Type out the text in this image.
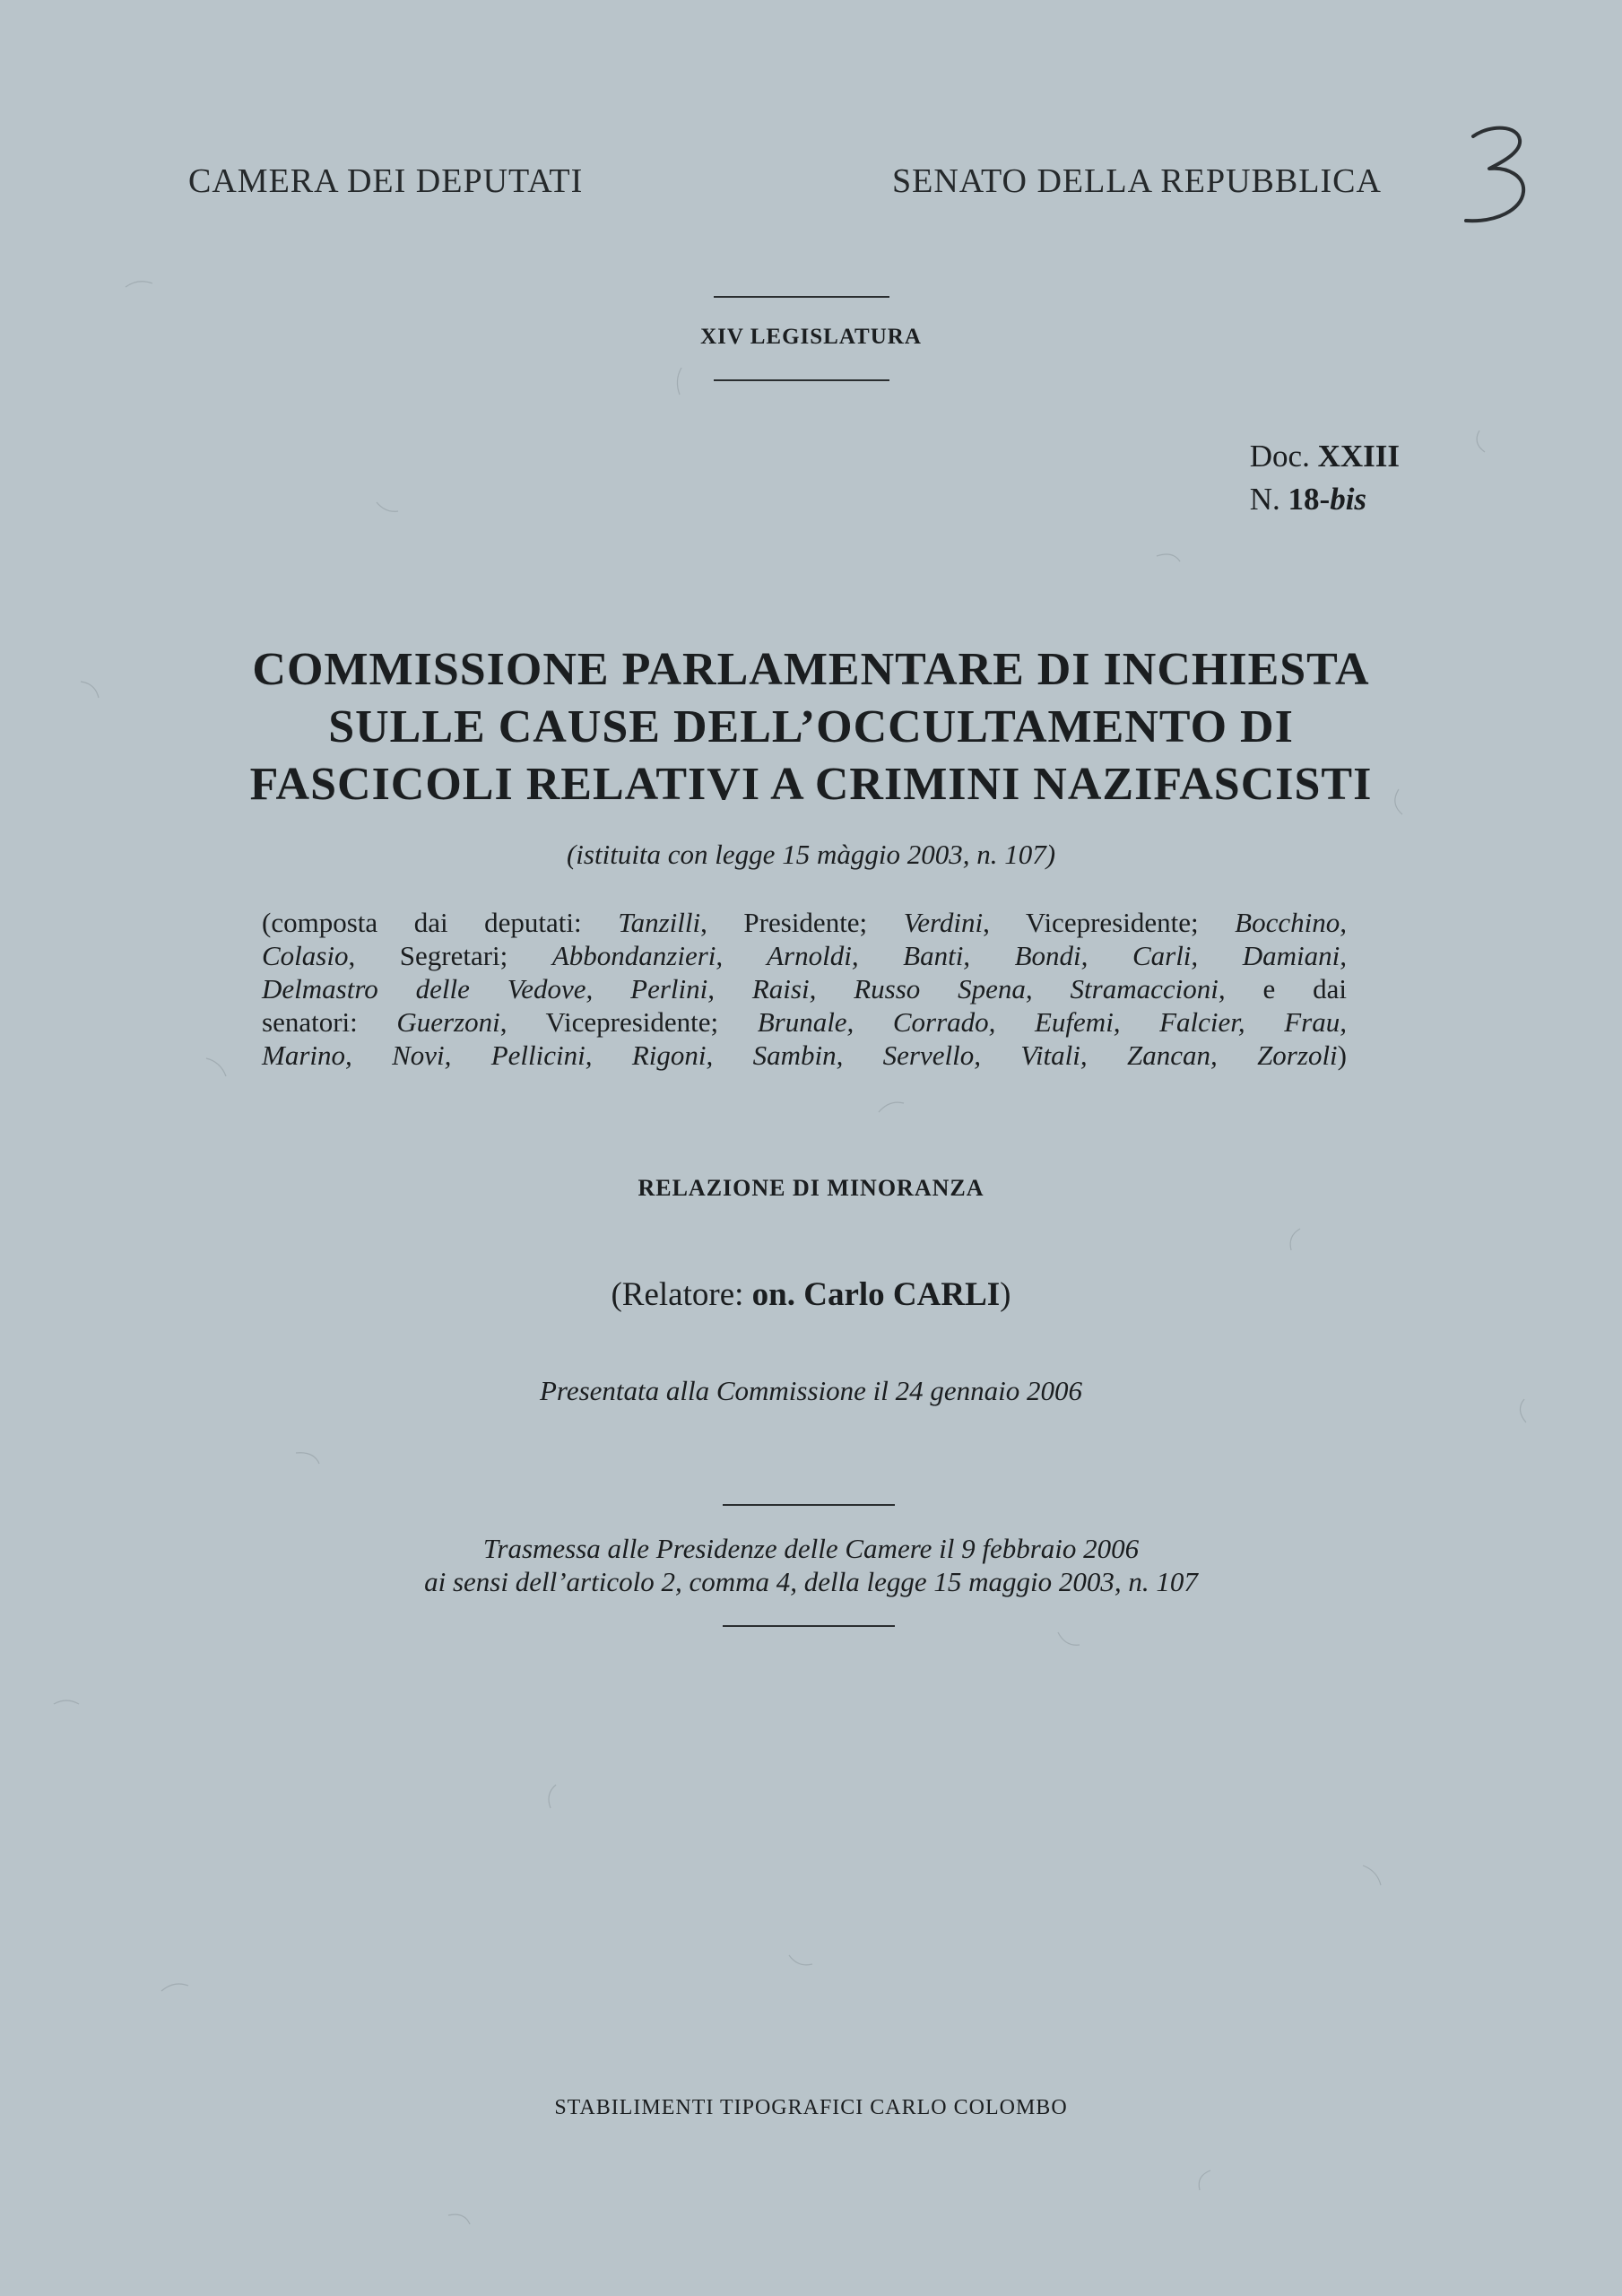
CAMERA DEI DEPUTATI	SENATO DELLA REPUBBLICA
XIV LEGISLATURA
Doc. XXIII
N. 18-bis
COMMISSIONE PARLAMENTARE DI INCHIESTA
SULLE CAUSE DELL’OCCULTAMENTO DI
FASCICOLI RELATIVI A CRIMINI NAZIFASCISTI
(istituita con legge 15 màggio 2003, n. 107)

(composta dai deputati: Tanzilli, Presidente; Verdini, Vicepresidente; Bocchino,

Colasio, Segretari; Abbondanzieri, Arnoldi, Banti, Bondi, Carli, Damiani,

Delmastro delle Vedove, Perlini, Raisi, Russo Spena, Stramaccioni, e dai

senatori: Guerzoni, Vicepresidente; Brunale, Corrado, Eufemi, Falcier, Frau,

Marino, Novi, Pellicini, Rigoni, Sambin, Servello, Vitali, Zancan, Zorzoli)

RELAZIONE DI MINORANZA
(Relatore: on. Carlo CARLI)
Presentata alla Commissione il 24 gennaio 2006
Trasmessa alle Presidenze delle Camere il 9 febbraio 2006
ai sensi dell’articolo 2, comma 4, della legge 15 maggio 2003, n. 107
STABILIMENTI TIPOGRAFICI CARLO COLOMBO
